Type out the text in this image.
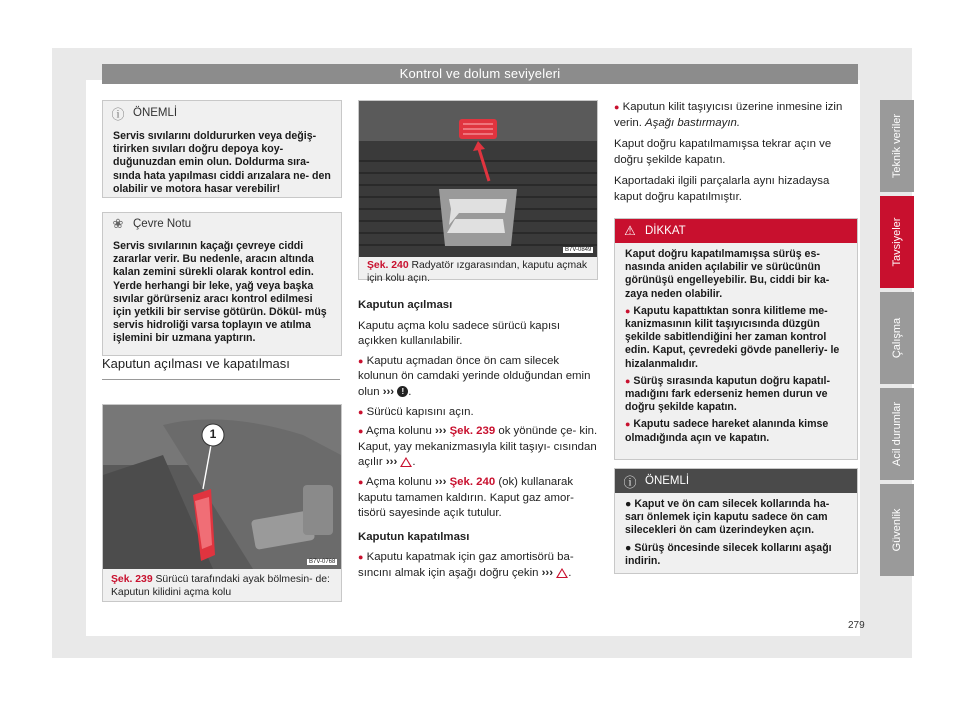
Kontrol ve dolum seviyeleri
ⓘ ÖNEMLİ
Servis sıvılarını doldururken veya değiş- tirirken sıvıları doğru depoya koy- duğunuzdan emin olun. Doldurma sıra- sında hata yapılması ciddi arızalara ne- den olabilir ve motora hasar verebilir!
❀ Çevre Notu
Servis sıvılarının kaçağı çevreye ciddi zararlar verir. Bu nedenle, aracın altında kalan zemini sürekli olarak kontrol edin. Yerde herhangi bir leke, yağ veya başka sıvılar görürseniz aracı kontrol edilmesi için yetkili bir servise götürün. Dökül- müş servis hidroliği varsa toplayın ve atılma işlemini bir uzmana yaptırın.
Kaputun açılması ve kapatılması
1
B7V-0768
Şek. 239 Sürücü tarafındaki ayak bölmesin- de: Kaputun kilidini açma kolu
B7V-0849
Şek. 240 Radyatör ızgarasından, kaputu açmak için kolu açın.

Kaputun açılması

Kaputu açma kolu sadece sürücü kapısı açıkken kullanılabilir.

● Kaputu açmadan önce ön cam silecek kolunun ön camdaki yerinde olduğundan emin olun ››› ! .

● Sürücü kapısını açın.

● Açma kolunu ››› Şek. 239 ok yönünde çe- kin. Kaput, yay mekanizmasıyla kilit taşıyı- cısından açılır ››› .

● Açma kolunu ››› Şek. 240 (ok) kullanarak kaputu tamamen kaldırın. Kaput gaz amor- tisörü sayesinde açık tutulur.

Kaputun kapatılması

● Kaputu kapatmak için gaz amortisörü ba- sıncını almak için aşağı doğru çekin ››› .

● Kaputun kilit taşıyıcısı üzerine inmesine izin verin. Aşağı bastırmayın.

Kaput doğru kapatılmamışsa tekrar açın ve doğru şekilde kapatın.

Kaportadaki ilgili parçalarla aynı hizadaysa kaput doğru kapatılmıştır.

⚠ DİKKAT

Kaput doğru kapatılmamışsa sürüş es- nasında aniden açılabilir ve sürücünün görünüşü engelleyebilir. Bu, ciddi bir ka- zaya neden olabilir.

● Kaputu kapattıktan sonra kilitleme me- kanizmasının kilit taşıyıcısında düzgün şekilde sabitlendiğini her zaman kontrol edin. Kaput, çevredeki gövde panelleriy- le hizalanmalıdır.

● Sürüş sırasında kaputun doğru kapatıl- madığını fark ederseniz hemen durun ve doğru şekilde kapatın.

● Kaputu sadece hareket alanında kimse olmadığında açın ve kapatın.

ⓘ ÖNEMLİ

● Kaput ve ön cam silecek kollarında ha- sarı önlemek için kaputu sadece ön cam silecekleri ön cam üzerindeyken açın.

● Sürüş öncesinde silecek kollarını aşağı indirin.

Teknik veriler
Tavsiyeler
Çalışma
Acil durumlar
Güvenlik
279
